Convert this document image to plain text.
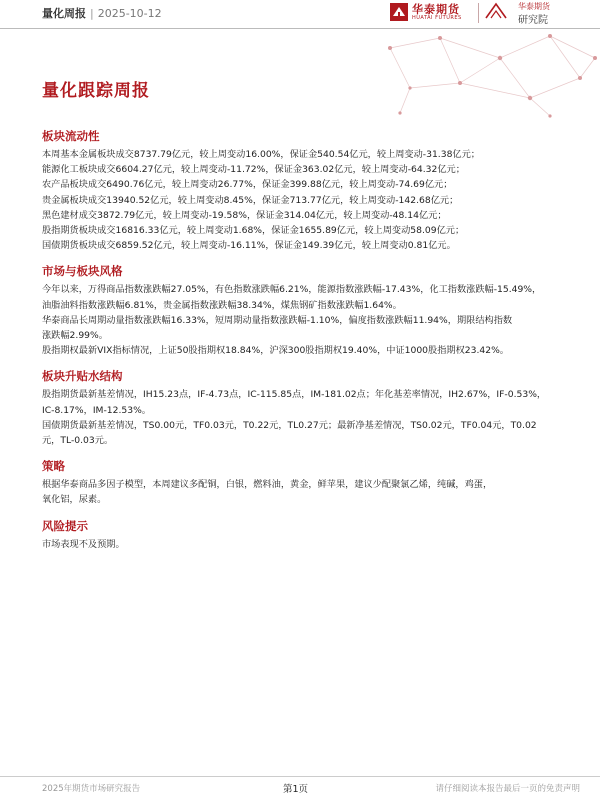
量化周报 | 2025-10-12	华泰期货
HUATAI FUTURES
华泰期货
研究院
量化跟踪周报
板块流动性
本周基本金属板块成交8737.79亿元，较上周变动16.00%，保证金540.54亿元，较上周变动-31.38亿元；
能源化工板块成交6604.27亿元，较上周变动-11.72%，保证金363.02亿元，较上周变动-64.32亿元；
农产品板块成交6490.76亿元，较上周变动26.77%，保证金399.88亿元，较上周变动-74.69亿元；
贵金属板块成交13940.52亿元，较上周变动8.45%，保证金713.77亿元，较上周变动-142.68亿元；
黑色建材成交3872.79亿元，较上周变动-19.58%，保证金314.04亿元，较上周变动-48.14亿元；
股指期货板块成交16816.33亿元，较上周变动1.68%，保证金1655.89亿元，较上周变动58.09亿元；
国债期货板块成交6859.52亿元，较上周变动-16.11%，保证金149.39亿元，较上周变动0.81亿元。
市场与板块风格
今年以来，万得商品指数涨跌幅27.05%，有色指数涨跌幅6.21%，能源指数涨跌幅-17.43%，化工指数涨跌幅-15.49%，
油脂油料指数涨跌幅6.81%，贵金属指数涨跌幅38.34%，煤焦钢矿指数涨跌幅1.64%。
华泰商品长周期动量指数涨跌幅16.33%，短周期动量指数涨跌幅-1.10%，偏度指数涨跌幅11.94%，期限结构指数
涨跌幅2.99%。
股指期权最新VIX指标情况，上证50股指期权18.84%，沪深300股指期权19.40%，中证1000股指期权23.42%。
板块升贴水结构
股指期货最新基差情况，IH15.23点，IF-4.73点，IC-115.85点，IM-181.02点；年化基差率情况，IH2.67%，IF-0.53%，
IC-8.17%，IM-12.53%。
国债期货最新基差情况，TS0.00元，TF0.03元，T0.22元，TL0.27元；最新净基差情况，TS0.02元，TF0.04元，T0.02
元，TL-0.03元。
策略
根据华泰商品多因子模型，本周建议多配铜，白银，燃料油，黄金，鲜苹果，建议少配聚氯乙烯，纯碱，鸡蛋，
氧化铝，尿素。
风险提示
市场表现不及预期。
2025年期货市场研究报告	第1页	请仔细阅读本报告最后一页的免责声明
